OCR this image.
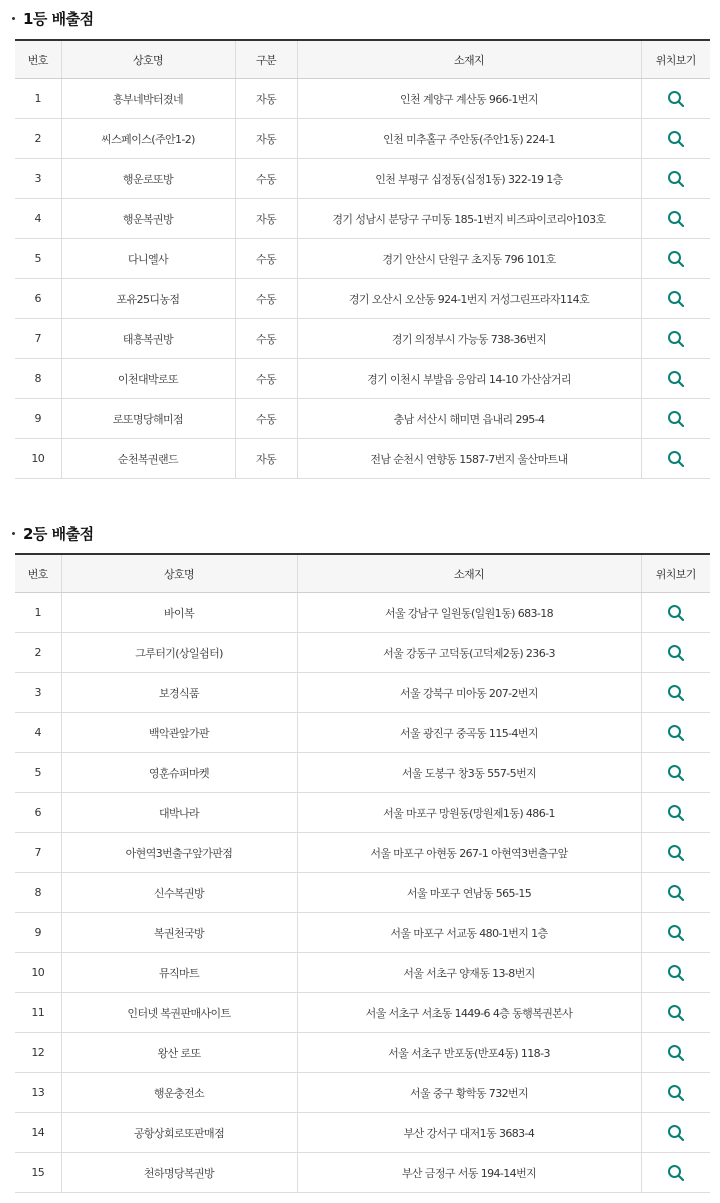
1등 배출점
번호	상호명	구분	소재지	위치보기
1	흥부네박터졌네	자동	인천 계양구 계산동 966-1번지	
2	씨스페이스(주안1-2)	자동	인천 미추홀구 주안동(주안1동) 224-1	
3	행운로또방	수동	인천 부평구 십정동(십정1동) 322-19 1층	
4	행운복권방	자동	경기 성남시 분당구 구미동 185-1번지 비즈파이코리아103호	
5	다니엘사	수동	경기 안산시 단원구 초지동 796 101호	
6	포유25디농점	수동	경기 오산시 오산동 924-1번지 거성그린프라자114호	
7	태흥복권방	수동	경기 의정부시 가능동 738-36번지	
8	이천대박로또	수동	경기 이천시 부발읍 응암리 14-10 가산삼거리	
9	로또명당해미점	수동	충남 서산시 해미면 읍내리 295-4	
10	순천복권랜드	자동	전남 순천시 연향동 1587-7번지 울산마트내	
2등 배출점
번호	상호명	소재지	위치보기
1	바이복	서울 강남구 일원동(일원1동) 683-18	
2	그루터기(상일쉼터)	서울 강동구 고덕동(고덕제2동) 236-3	
3	보경식품	서울 강북구 미아동 207-2번지	
4	백악관앞가판	서울 광진구 중곡동 115-4번지	
5	영훈슈퍼마켓	서울 도봉구 창3동 557-5번지	
6	대박나라	서울 마포구 망원동(망원제1동) 486-1	
7	아현역3번출구앞가판점	서울 마포구 아현동 267-1 아현역3번출구앞	
8	신수복권방	서울 마포구 연남동 565-15	
9	복권천국방	서울 마포구 서교동 480-1번지 1층	
10	뮤직마트	서울 서초구 양재동 13-8번지	
11	인터넷 복권판매사이트	서울 서초구 서초동 1449-6 4층 동행복권본사	
12	왕산 로또	서울 서초구 반포동(반포4동) 118-3	
13	행운충전소	서울 중구 황학동 732번지	
14	공항상회로또판매점	부산 강서구 대저1동 3683-4	
15	천하명당복권방	부산 금정구 서동 194-14번지	
